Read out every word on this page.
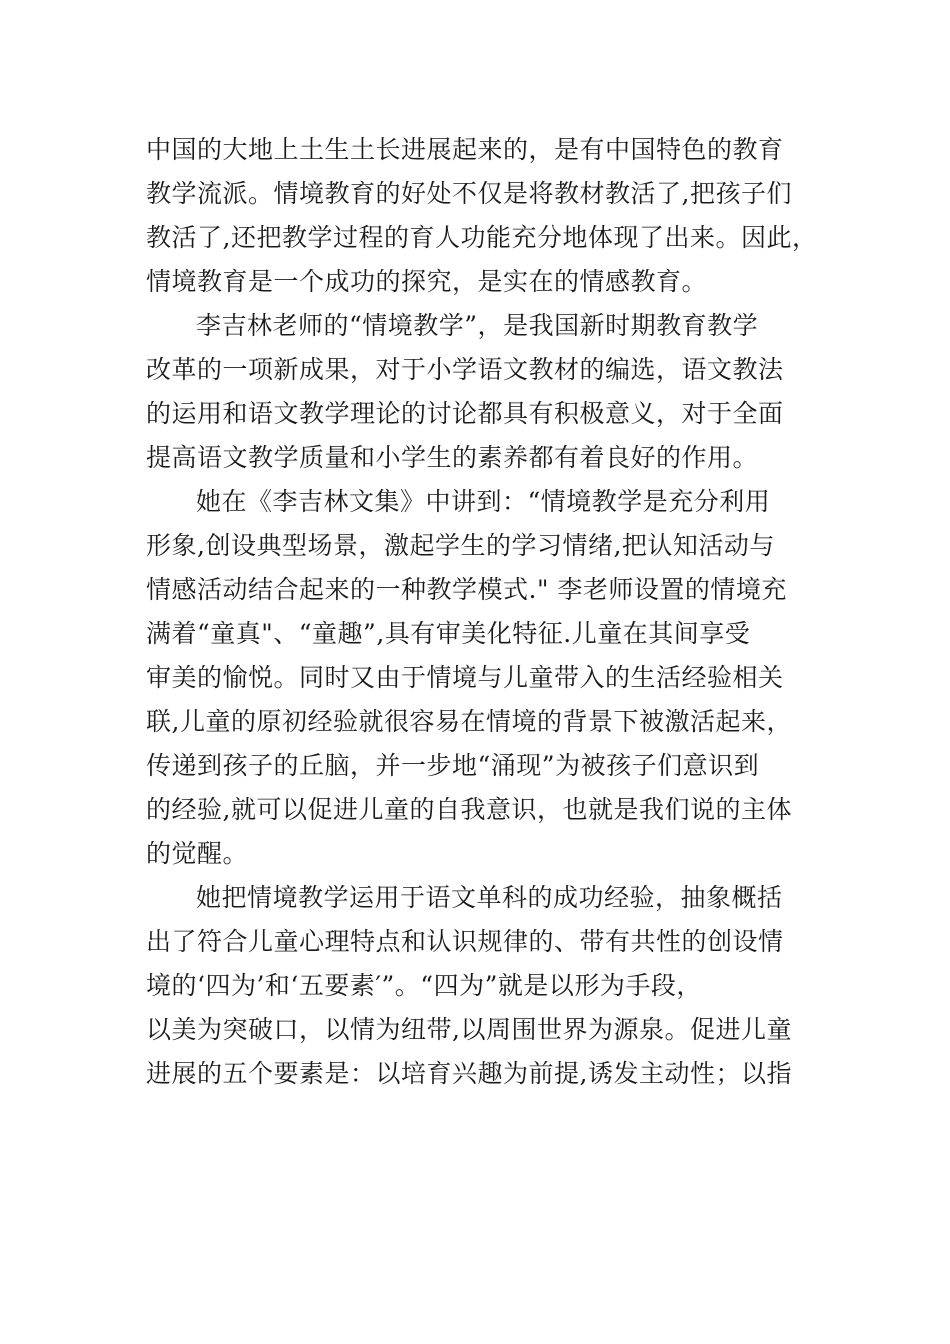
中国的大地上土生土长进展起来的，是有中国特色的教育
教学流派。情境教育的好处不仅是将教材教活了,把孩子们
教活了,还把教学过程的育人功能充分地体现了出来。因此，
情境教育是一个成功的探究，是实在的情感教育。
李吉林老师的“情境教学”，是我国新时期教育教学
改革的一项新成果，对于小学语文教材的编选，语文教法
的运用和语文教学理论的讨论都具有积极意义，对于全面
提高语文教学质量和小学生的素养都有着良好的作用。
她在《李吉林文集》中讲到：“情境教学是充分利用
形象,创设典型场景，激起学生的学习情绪,把认知活动与
情感活动结合起来的一种教学模式." 李老师设置的情境充
满着“童真"、“童趣”,具有审美化特征.儿童在其间享受
审美的愉悦。同时又由于情境与儿童带入的生活经验相关
联,儿童的原初经验就很容易在情境的背景下被激活起来，
传递到孩子的丘脑，并一步地“涌现”为被孩子们意识到
的经验,就可以促进儿童的自我意识，也就是我们说的主体
的觉醒。
她把情境教学运用于语文单科的成功经验，抽象概括
出了符合儿童心理特点和认识规律的、带有共性的创设情
境的‘四为’和‘五要素′”。“四为”就是以形为手段，
以美为突破口，以情为纽带,以周围世界为源泉。促进儿童
进展的五个要素是：以培育兴趣为前提,诱发主动性；以指
